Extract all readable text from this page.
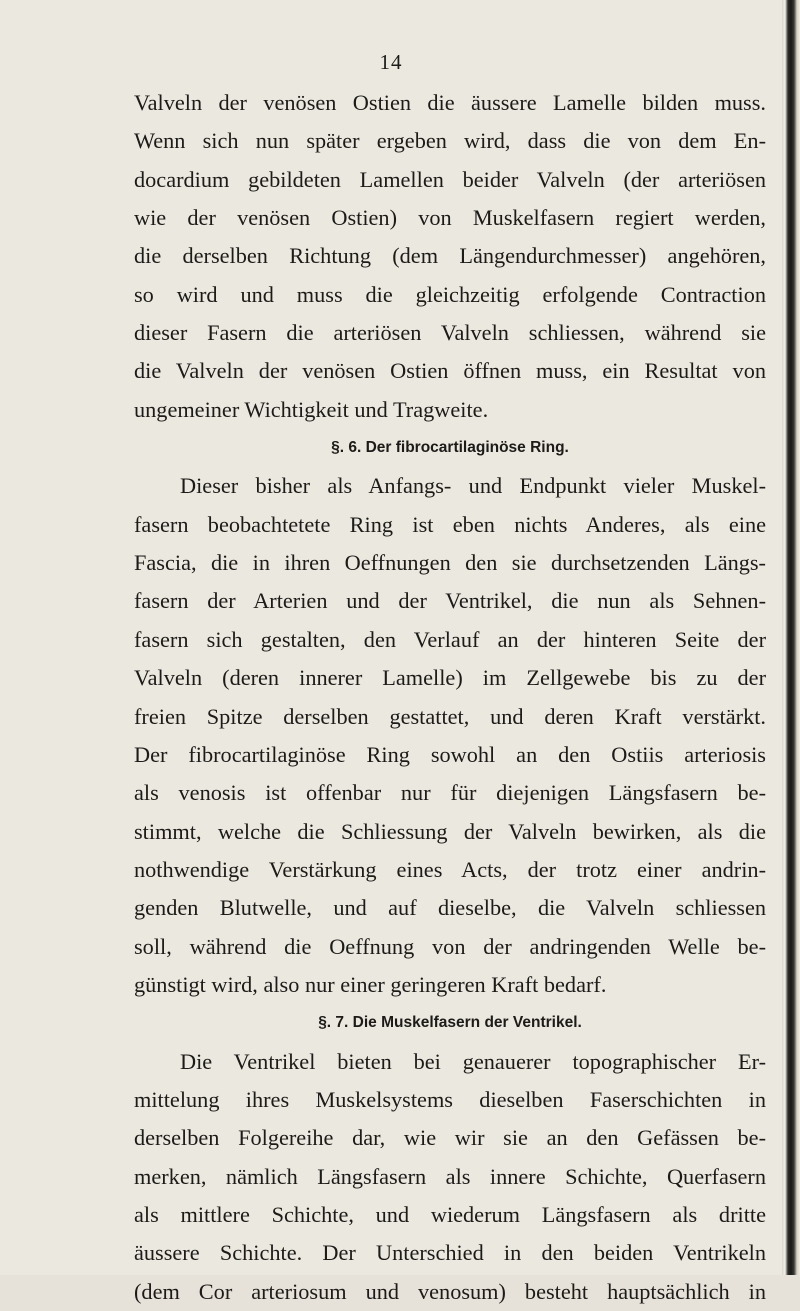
14
Valveln der venösen Ostien die äussere Lamelle bilden muss.
Wenn sich nun später ergeben wird, dass die von dem En-
docardium gebildeten Lamellen beider Valveln (der arteriösen
wie der venösen Ostien) von Muskelfasern regiert werden,
die derselben Richtung (dem Längendurchmesser) angehören,
so wird und muss die gleichzeitig erfolgende Contraction
dieser Fasern die arteriösen Valveln schliessen, während sie
die Valveln der venösen Ostien öffnen muss, ein Resultat von
ungemeiner Wichtigkeit und Tragweite.
§. 6. Der fibrocartilaginöse Ring.
Dieser bisher als Anfangs- und Endpunkt vieler Muskel-
fasern beobachtetete Ring ist eben nichts Anderes, als eine
Fascia, die in ihren Oeffnungen den sie durchsetzenden Längs-
fasern der Arterien und der Ventrikel, die nun als Sehnen-
fasern sich gestalten, den Verlauf an der hinteren Seite der
Valveln (deren innerer Lamelle) im Zellgewebe bis zu der
freien Spitze derselben gestattet, und deren Kraft verstärkt.
Der fibrocartilaginöse Ring sowohl an den Ostiis arteriosis
als venosis ist offenbar nur für diejenigen Längsfasern be-
stimmt, welche die Schliessung der Valveln bewirken, als die
nothwendige Verstärkung eines Acts, der trotz einer andrin-
genden Blutwelle, und auf dieselbe, die Valveln schliessen
soll, während die Oeffnung von der andringenden Welle be-
günstigt wird, also nur einer geringeren Kraft bedarf.
§. 7. Die Muskelfasern der Ventrikel.
Die Ventrikel bieten bei genauerer topographischer Er-
mittelung ihres Muskelsystems dieselben Faserschichten in
derselben Folgereihe dar, wie wir sie an den Gefässen be-
merken, nämlich Längsfasern als innere Schichte, Querfasern
als mittlere Schichte, und wiederum Längsfasern als dritte
äussere Schichte. Der Unterschied in den beiden Ventrikeln
(dem Cor arteriosum und venosum) besteht hauptsächlich in
